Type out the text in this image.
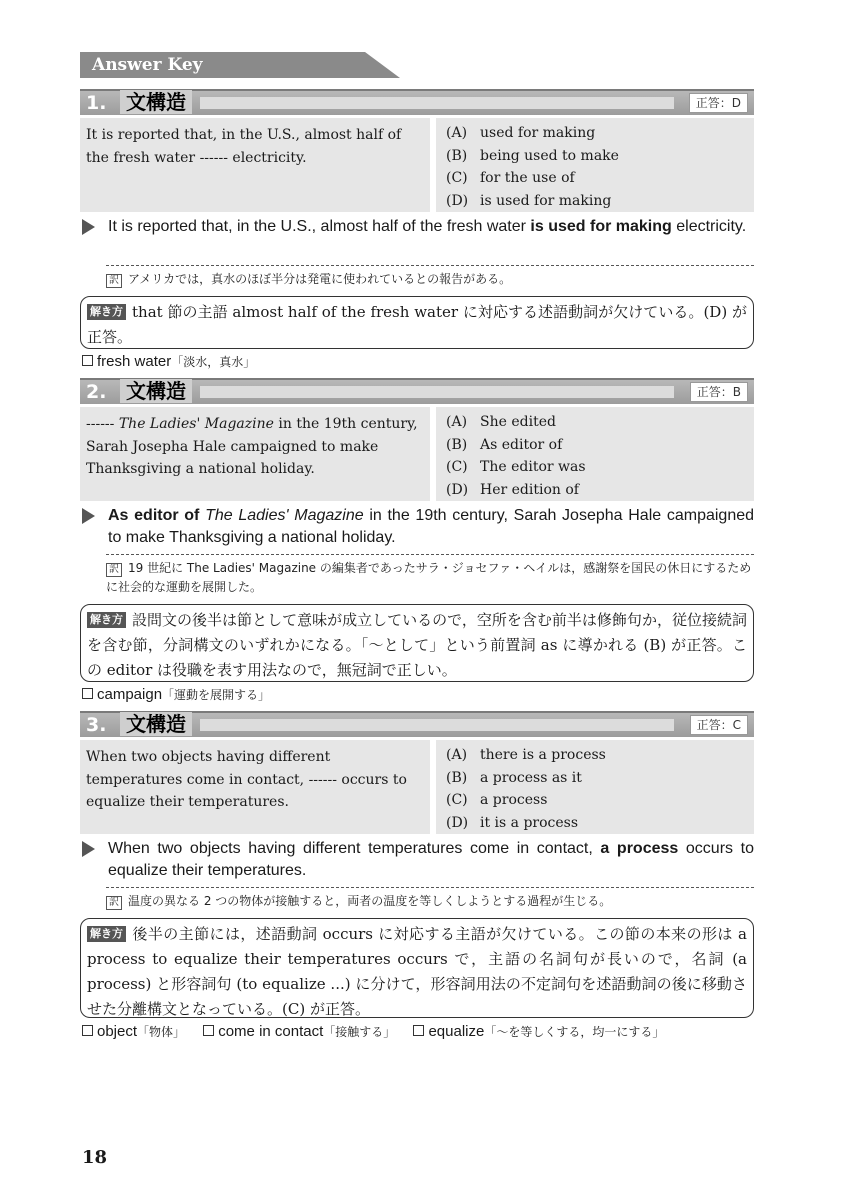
Answer Key
1. 文構造	正答：D
It is reported that, in the U.S., almost half of the fresh water ------ electricity.
(A) used for making
(B) being used to make
(C) for the use of
(D) is used for making
It is reported that, in the U.S., almost half of the fresh water is used for making electricity.
訳 アメリカでは，真水のほぼ半分は発電に使われているとの報告がある。
解き方 that 節の主語 almost half of the fresh water に対応する述語動詞が欠けている。(D) が正答。
fresh water「淡水，真水」
2. 文構造	正答：B
------ The Ladies' Magazine in the 19th century, Sarah Josepha Hale campaigned to make Thanksgiving a national holiday.
(A) She edited
(B) As editor of
(C) The editor was
(D) Her edition of
As editor of The Ladies' Magazine in the 19th century, Sarah Josepha Hale campaigned to make Thanksgiving a national holiday.
訳 19 世紀に The Ladies' Magazine の編集者であったサラ・ジョセファ・ヘイルは，感謝祭を国民の休日にするために社会的な運動を展開した。
解き方 設問文の後半は節として意味が成立しているので，空所を含む前半は修飾句か，従位接続詞を含む節，分詞構文のいずれかになる。「〜として」という前置詞 as に導かれる (B) が正答。この editor は役職を表す用法なので，無冠詞で正しい。
campaign「運動を展開する」
3. 文構造	正答：C
When two objects having different temperatures come in contact, ------ occurs to equalize their temperatures.
(A) there is a process
(B) a process as it
(C) a process
(D) it is a process
When two objects having different temperatures come in contact, a process occurs to equalize their temperatures.
訳 温度の異なる 2 つの物体が接触すると，両者の温度を等しくしようとする過程が生じる。
解き方 後半の主節には，述語動詞 occurs に対応する主語が欠けている。この節の本来の形は a process to equalize their temperatures occurs で，主語の名詞句が長いので，名詞 (a process) と形容詞句 (to equalize ...) に分けて，形容詞用法の不定詞句を述語動詞の後に移動させた分離構文となっている。(C) が正答。
object「物体」 come in contact「接触する」 equalize「〜を等しくする，均一にする」
18
